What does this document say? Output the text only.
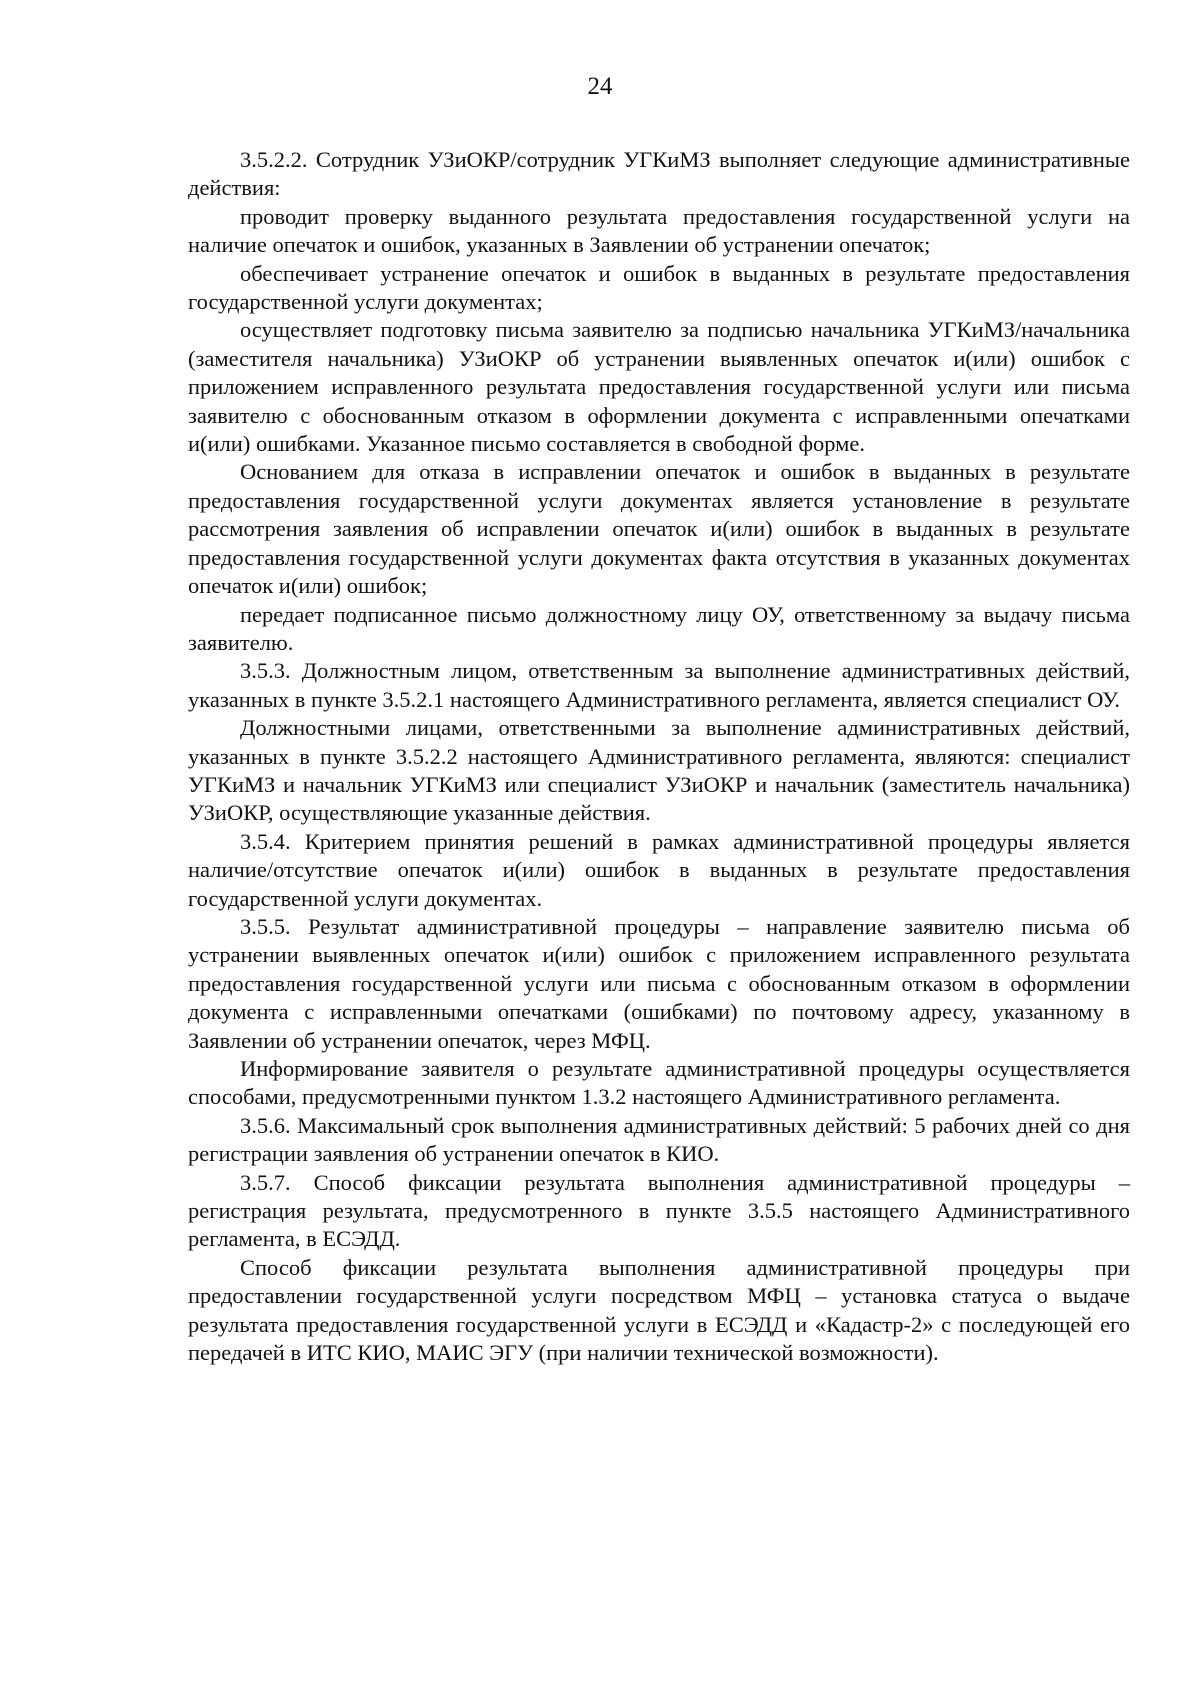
24

3.5.2.2. Сотрудник УЗиОКР/сотрудник УГКиМЗ выполняет следующие административные действия:

проводит проверку выданного результата предоставления государственной услуги на наличие опечаток и ошибок, указанных в Заявлении об устранении опечаток;

обеспечивает устранение опечаток и ошибок в выданных в результате предоставления государственной услуги документах;

осуществляет подготовку письма заявителю за подписью начальника УГКиМЗ/начальника (заместителя начальника) УЗиОКР об устранении выявленных опечаток и(или) ошибок с приложением исправленного результата предоставления государственной услуги или письма заявителю с обоснованным отказом в оформлении документа с исправленными опечатками и(или) ошибками. Указанное письмо составляется в свободной форме.

Основанием для отказа в исправлении опечаток и ошибок в выданных в результате предоставления государственной услуги документах является установление в результате рассмотрения заявления об исправлении опечаток и(или) ошибок в выданных в результате предоставления государственной услуги документах факта отсутствия в указанных документах опечаток и(или) ошибок;

передает подписанное письмо должностному лицу ОУ, ответственному за выдачу письма заявителю.

3.5.3. Должностным лицом, ответственным за выполнение административных действий, указанных в пункте 3.5.2.1 настоящего Административного регламента, является специалист ОУ.

Должностными лицами, ответственными за выполнение административных действий, указанных в пункте 3.5.2.2 настоящего Административного регламента, являются: специалист УГКиМЗ и начальник УГКиМЗ или специалист УЗиОКР и начальник (заместитель начальника) УЗиОКР, осуществляющие указанные действия.

3.5.4. Критерием принятия решений в рамках административной процедуры является наличие/отсутствие опечаток и(или) ошибок в выданных в результате предоставления государственной услуги документах.

3.5.5. Результат административной процедуры – направление заявителю письма об устранении выявленных опечаток и(или) ошибок с приложением исправленного результата предоставления государственной услуги или письма с обоснованным отказом в оформлении документа с исправленными опечатками (ошибками) по почтовому адресу, указанному в Заявлении об устранении опечаток, через МФЦ.

Информирование заявителя о результате административной процедуры осуществляется способами, предусмотренными пунктом 1.3.2 настоящего Административного регламента.

3.5.6. Максимальный срок выполнения административных действий: 5 рабочих дней со дня регистрации заявления об устранении опечаток в КИО.

3.5.7. Способ фиксации результата выполнения административной процедуры – регистрация результата, предусмотренного в пункте 3.5.5 настоящего Административного регламента, в ЕСЭДД.

Способ фиксации результата выполнения административной процедуры при предоставлении государственной услуги посредством МФЦ – установка статуса о выдаче результата предоставления государственной услуги в ЕСЭДД и «Кадастр-2» с последующей его передачей в ИТС КИО, МАИС ЭГУ (при наличии технической возможности).
